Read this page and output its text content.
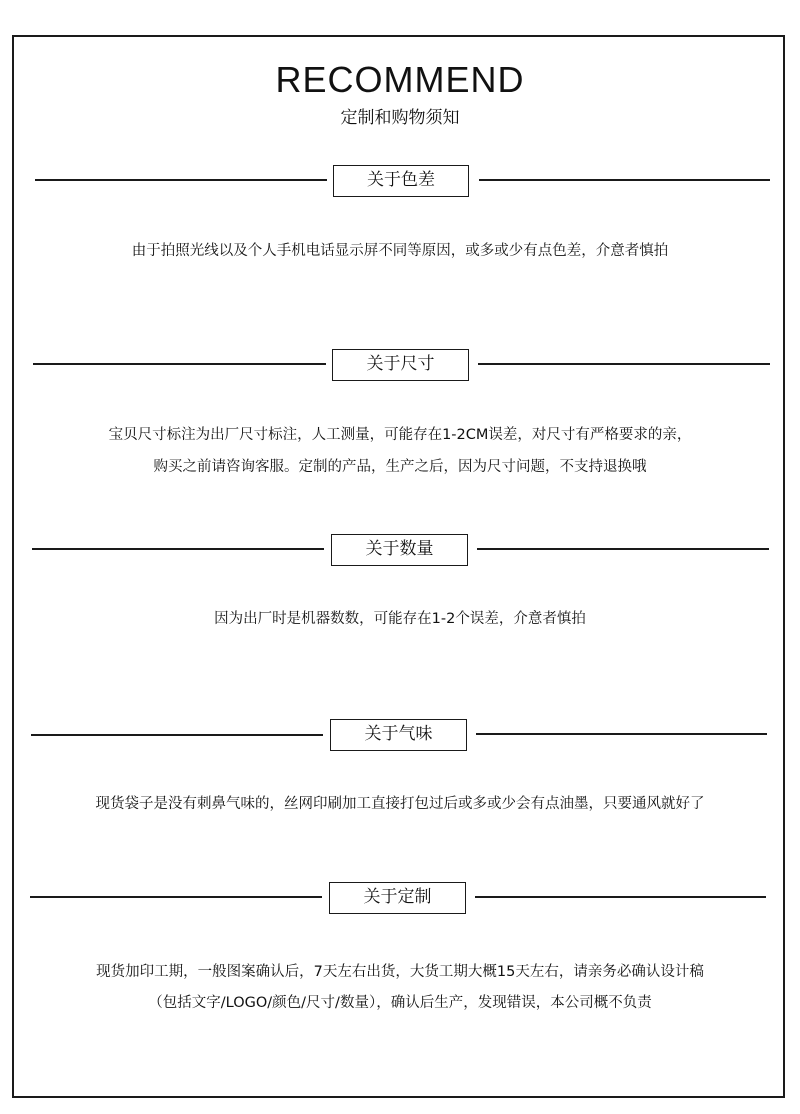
RECOMMEND
定制和购物须知
关于色差
由于拍照光线以及个人手机电话显示屏不同等原因，或多或少有点色差，介意者慎拍
关于尺寸
宝贝尺寸标注为出厂尺寸标注，人工测量，可能存在1-2CM误差，对尺寸有严格要求的亲，
购买之前请咨询客服。定制的产品，生产之后，因为尺寸问题，不支持退换哦
关于数量
因为出厂时是机器数数，可能存在1-2个误差，介意者慎拍
关于气味
现货袋子是没有刺鼻气味的，丝网印刷加工直接打包过后或多或少会有点油墨，只要通风就好了
关于定制
现货加印工期，一般图案确认后，7天左右出货，大货工期大概15天左右，请亲务必确认设计稿
（包括文字/LOGO/颜色/尺寸/数量），确认后生产，发现错误，本公司概不负责
